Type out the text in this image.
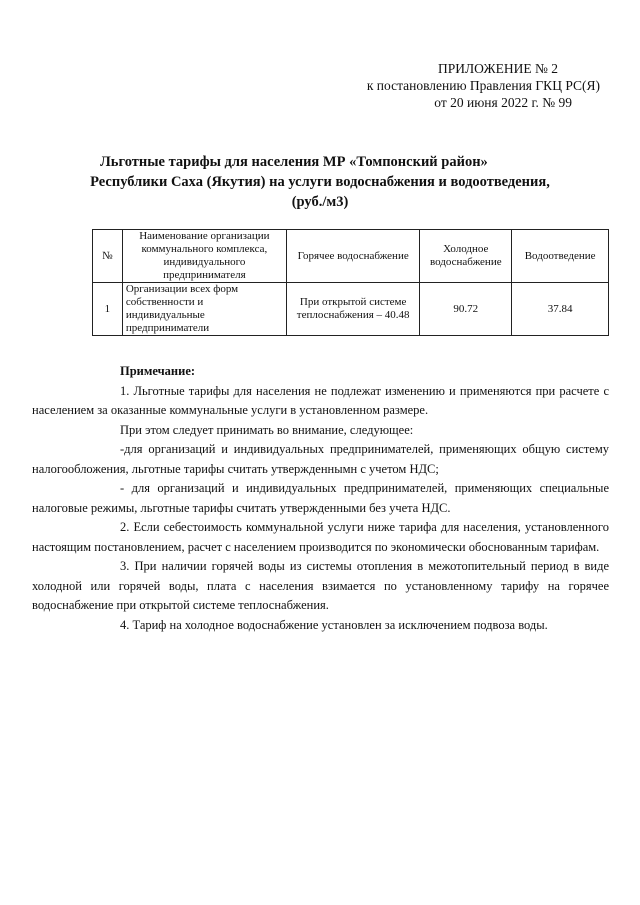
ПРИЛОЖЕНИЕ № 2
к постановлению Правления ГКЦ РС(Я)
от 20 июня 2022 г. № 99
Льготные тарифы для населения МР «Томпонский район»
Республики Саха (Якутия) на услуги водоснабжения и водоотведения,
(руб./м3)
№	Наименование организации коммунального комплекса, индивидуального предпринимателя	Горячее водоснабжение	Холодное водоснабжение	Водоотведение
1	Организации всех форм собственности и индивидуальные предприниматели	При открытой системе теплоснабжения – 40.48	90.72	37.84

Примечание:

1. Льготные тарифы для населения не подлежат изменению и применяются при расчете с населением за оказанные коммунальные услуги в установленном размере.

При этом следует принимать во внимание, следующее:

-для организаций и индивидуальных предпринимателей, применяющих общую систему налогообложения, льготные тарифы считать утвержденнымн с учетом НДС;

- для организаций и индивидуальных предпринимателей, применяющих специальные налоговые режимы, льготные тарифы считать утвержденными без учета НДС.

2. Если себестоимость коммунальной услуги ниже тарифа для населения, установленного настоящим постановлением, расчет с населением производится по экономически обоснованным тарифам.

3. При наличии горячей воды из системы отопления в межотопительный период в виде холодной или горячей воды, плата с населения взимается по установленному тарифу на горячее водоснабжение при открытой системе теплоснабжения.

4. Тариф на холодное водоснабжение установлен за исключением подвоза воды.
